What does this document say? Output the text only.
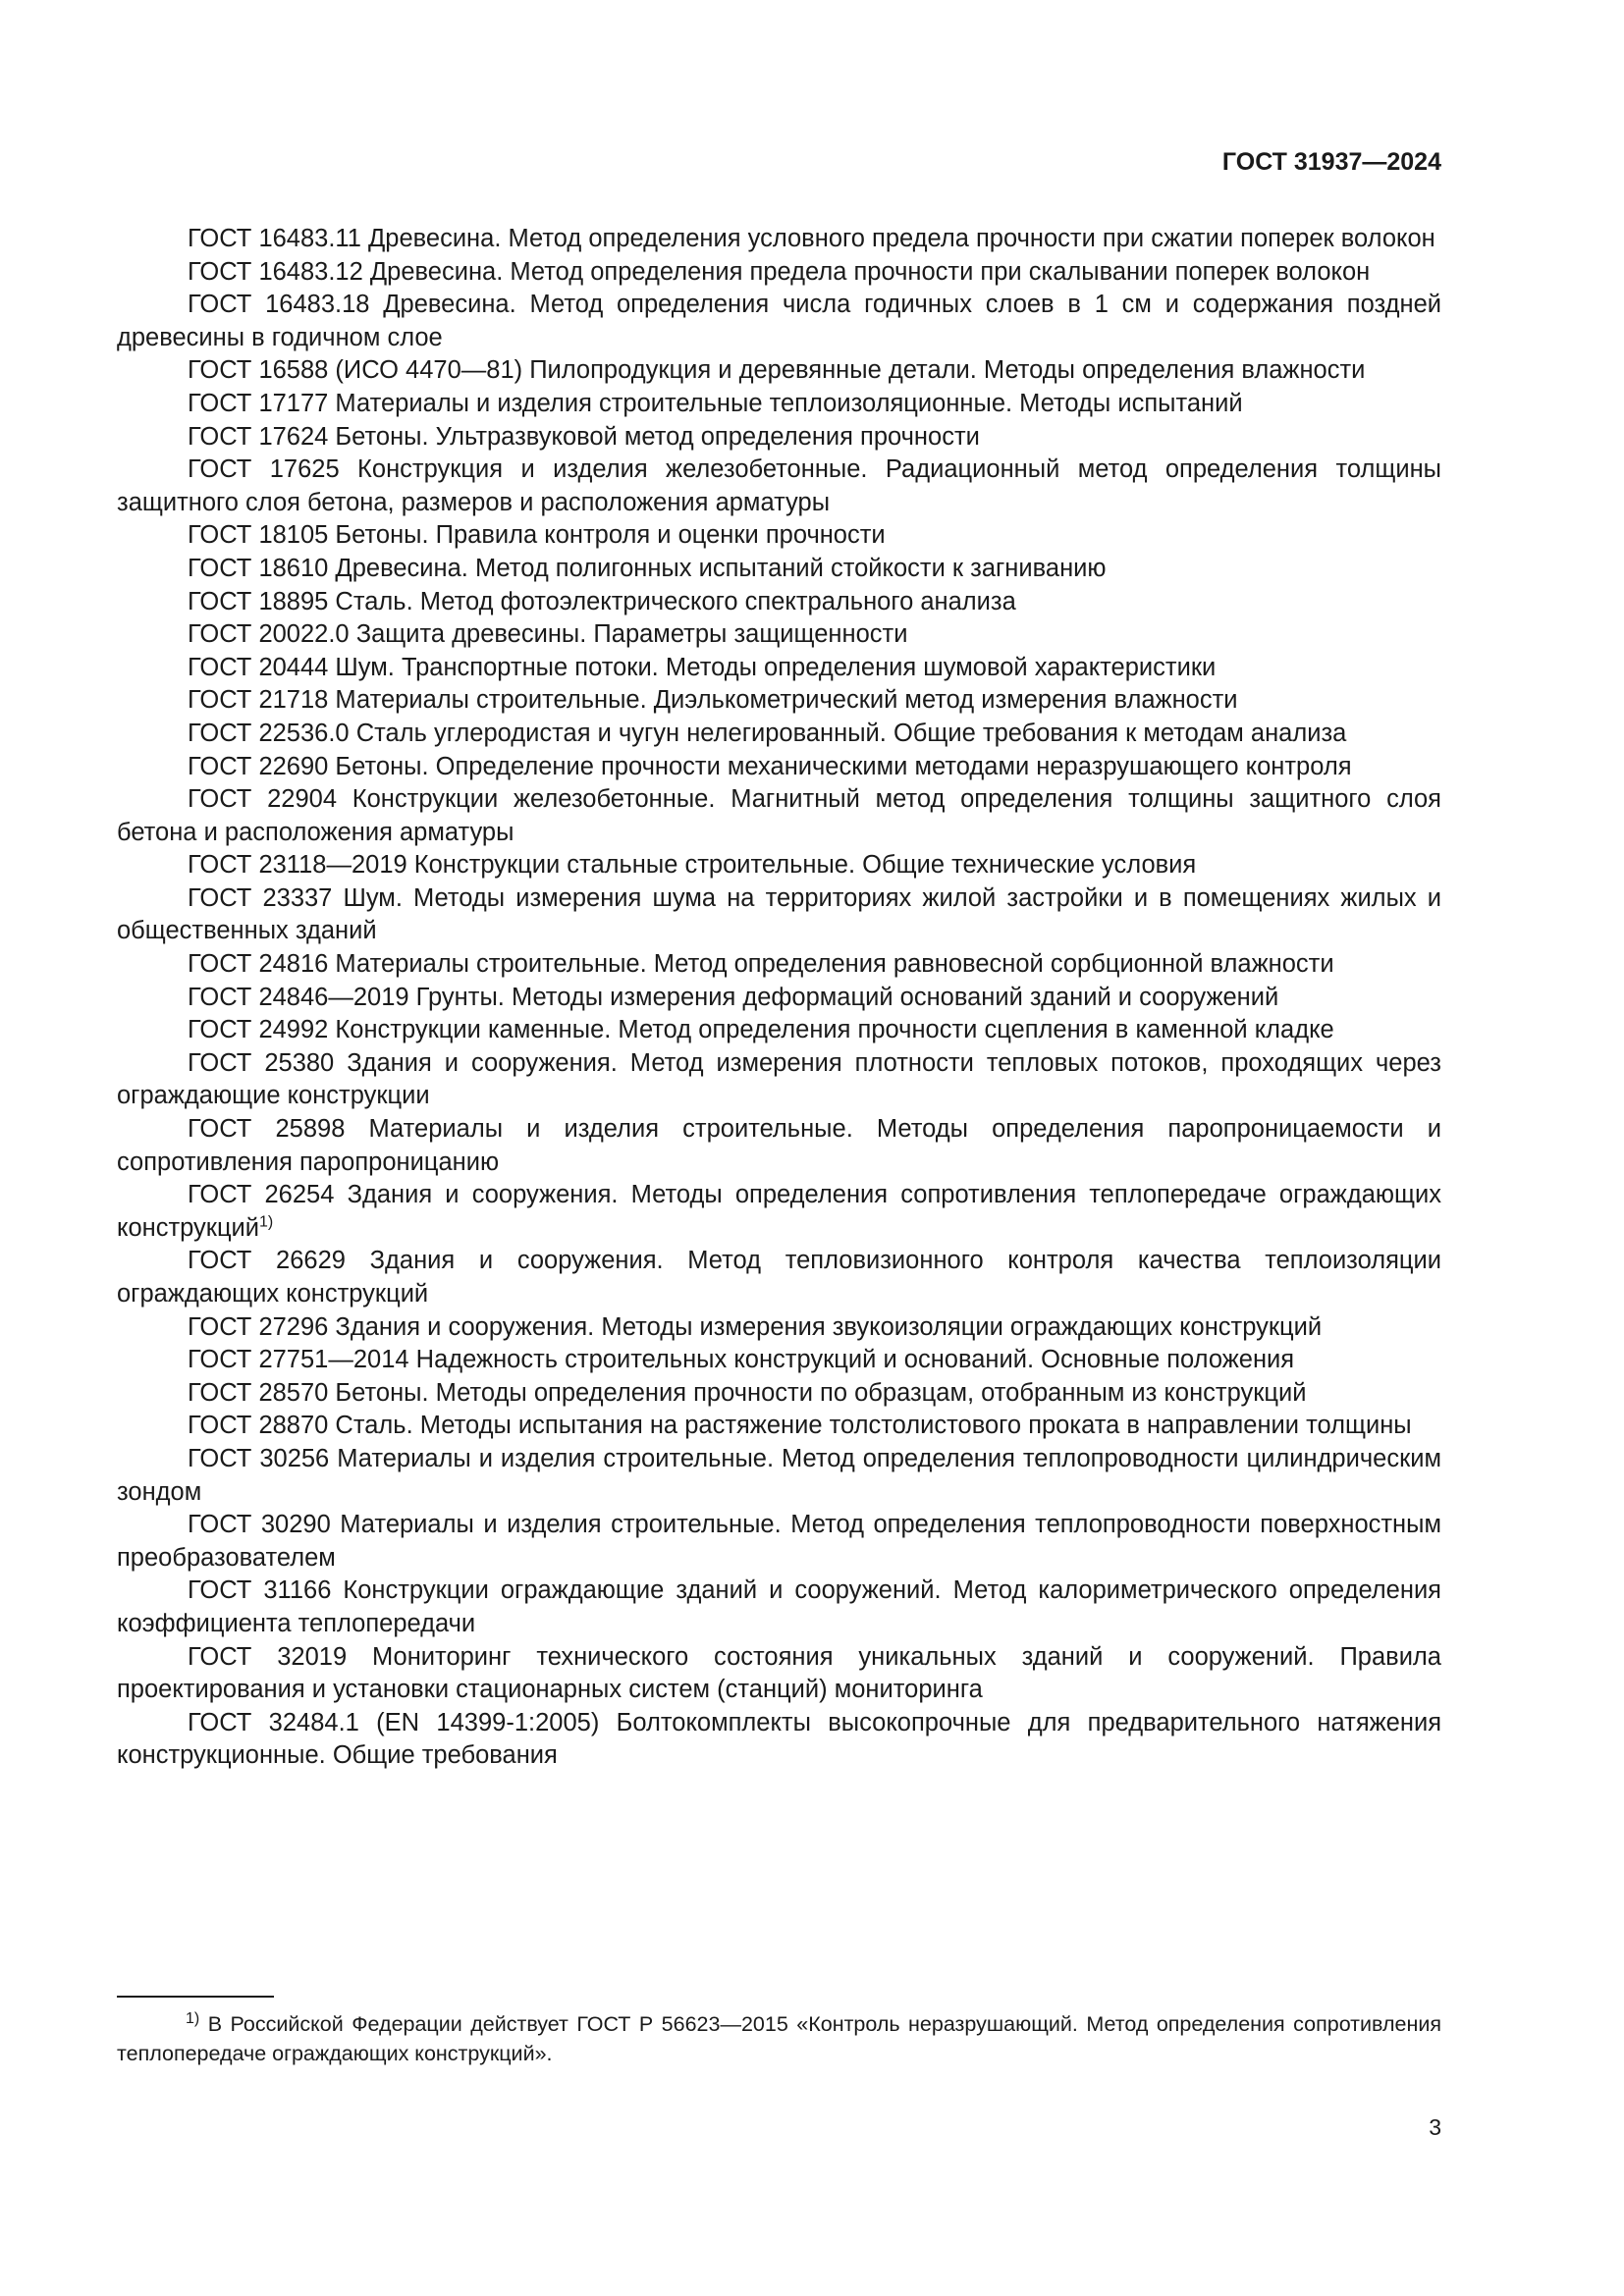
ГОСТ 31937—2024

ГОСТ 16483.11 Древесина. Метод определения условного предела прочности при сжатии поперек волокон

ГОСТ 16483.12 Древесина. Метод определения предела прочности при скалывании поперек волокон

ГОСТ 16483.18 Древесина. Метод определения числа годичных слоев в 1 см и содержания поздней древесины в годичном слое

ГОСТ 16588 (ИСО 4470—81) Пилопродукция и деревянные детали. Методы определения влажности

ГОСТ 17177 Материалы и изделия строительные теплоизоляционные. Методы испытаний

ГОСТ 17624 Бетоны. Ультразвуковой метод определения прочности

ГОСТ 17625 Конструкция и изделия железобетонные. Радиационный метод определения толщины защитного слоя бетона, размеров и расположения арматуры

ГОСТ 18105 Бетоны. Правила контроля и оценки прочности

ГОСТ 18610 Древесина. Метод полигонных испытаний стойкости к загниванию

ГОСТ 18895 Сталь. Метод фотоэлектрического спектрального анализа

ГОСТ 20022.0 Защита древесины. Параметры защищенности

ГОСТ 20444 Шум. Транспортные потоки. Методы определения шумовой характеристики

ГОСТ 21718 Материалы строительные. Диэлькометрический метод измерения влажности

ГОСТ 22536.0 Сталь углеродистая и чугун нелегированный. Общие требования к методам анализа

ГОСТ 22690 Бетоны. Определение прочности механическими методами неразрушающего контроля

ГОСТ 22904 Конструкции железобетонные. Магнитный метод определения толщины защитного слоя бетона и расположения арматуры

ГОСТ 23118—2019 Конструкции стальные строительные. Общие технические условия

ГОСТ 23337 Шум. Методы измерения шума на территориях жилой застройки и в помещениях жилых и общественных зданий

ГОСТ 24816 Материалы строительные. Метод определения равновесной сорбционной влажности

ГОСТ 24846—2019 Грунты. Методы измерения деформаций оснований зданий и сооружений

ГОСТ 24992 Конструкции каменные. Метод определения прочности сцепления в каменной кладке

ГОСТ 25380 Здания и сооружения. Метод измерения плотности тепловых потоков, проходящих через ограждающие конструкции

ГОСТ 25898 Материалы и изделия строительные. Методы определения паропроницаемости и сопротивления паропроницанию

ГОСТ 26254 Здания и сооружения. Методы определения сопротивления теплопередаче ограждающих конструкций$^{1)}$

ГОСТ 26629 Здания и сооружения. Метод тепловизионного контроля качества теплоизоляции ограждающих конструкций

ГОСТ 27296 Здания и сооружения. Методы измерения звукоизоляции ограждающих конструкций

ГОСТ 27751—2014 Надежность строительных конструкций и оснований. Основные положения

ГОСТ 28570 Бетоны. Методы определения прочности по образцам, отобранным из конструкций

ГОСТ 28870 Сталь. Методы испытания на растяжение толстолистового проката в направлении толщины

ГОСТ 30256 Материалы и изделия строительные. Метод определения теплопроводности цилиндрическим зондом

ГОСТ 30290 Материалы и изделия строительные. Метод определения теплопроводности поверхностным преобразователем

ГОСТ 31166 Конструкции ограждающие зданий и сооружений. Метод калориметрического определения коэффициента теплопередачи

ГОСТ 32019 Мониторинг технического состояния уникальных зданий и сооружений. Правила проектирования и установки стационарных систем (станций) мониторинга

ГОСТ 32484.1 (EN 14399-1:2005) Болтокомплекты высокопрочные для предварительного натяжения конструкционные. Общие требования

$^{1)}$ В Российской Федерации действует ГОСТ Р 56623—2015 «Контроль неразрушающий. Метод определения сопротивления теплопередаче ограждающих конструкций».

3
